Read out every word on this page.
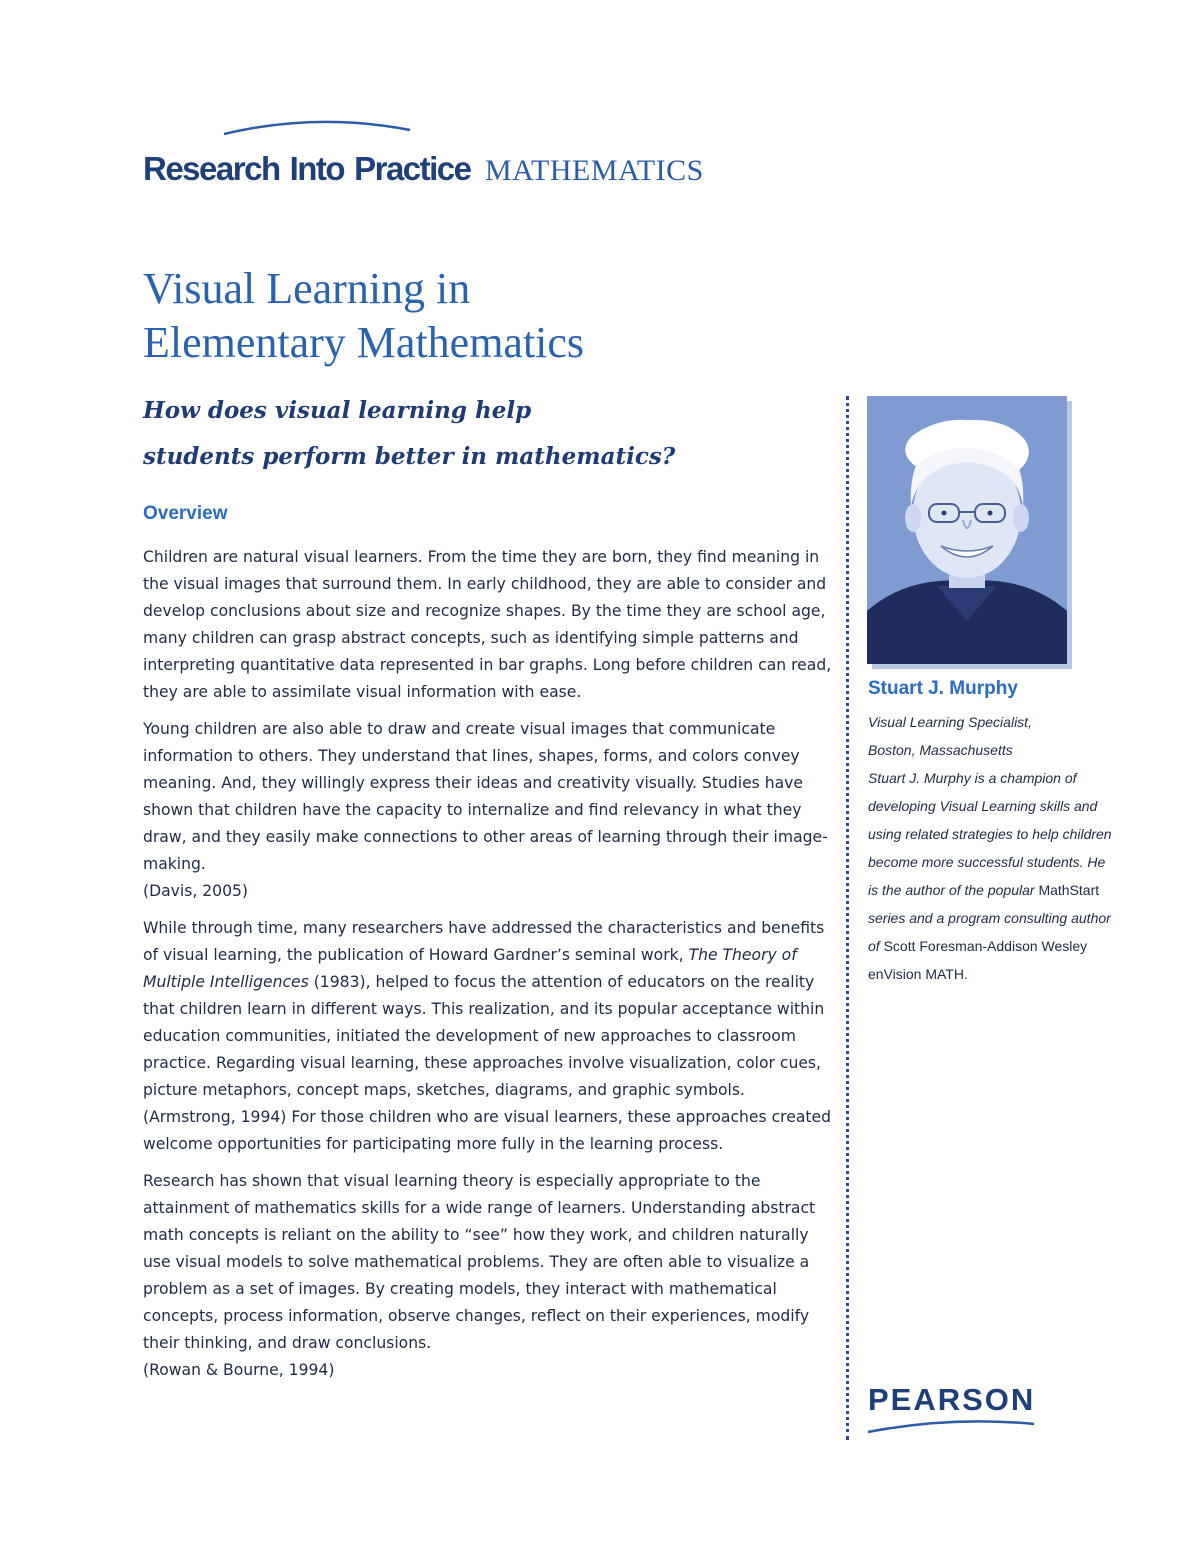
Research Into Practice MATHEMATICS
Visual Learning in
Elementary Mathematics
How does visual learning help
students perform better in mathematics?
Overview

Children are natural visual learners. From the time they are born, they find meaning in the visual images that surround them. In early childhood, they are able to consider and develop conclusions about size and recognize shapes. By the time they are school age, many children can grasp abstract concepts, such as identifying simple patterns and interpreting quantitative data represented in bar graphs. Long before children can read, they are able to assimilate visual information with ease.

Young children are also able to draw and create visual images that communicate information to others. They understand that lines, shapes, forms, and colors convey meaning. And, they willingly express their ideas and creativity visually. Studies have shown that children have the capacity to internalize and find relevancy in what they draw, and they easily make connections to other areas of learning through their image-making.
(Davis, 2005)

While through time, many researchers have addressed the characteristics and benefits of visual learning, the publication of Howard Gardner’s seminal work, The Theory of Multiple Intelligences (1983), helped to focus the attention of educators on the reality that children learn in different ways. This realization, and its popular acceptance within education communities, initiated the development of new approaches to classroom practice. Regarding visual learning, these approaches involve visualization, color cues, picture metaphors, concept maps, sketches, diagrams, and graphic symbols. (Armstrong, 1994) For those children who are visual learners, these approaches created welcome opportunities for participating more fully in the learning process.

Research has shown that visual learning theory is especially appropriate to the attainment of mathematics skills for a wide range of learners. Understanding abstract math concepts is reliant on the ability to “see” how they work, and children naturally use visual models to solve mathematical problems. They are often able to visualize a problem as a set of images. By creating models, they interact with mathematical concepts, process information, observe changes, reflect on their experiences, modify their thinking, and draw conclusions.
(Rowan & Bourne, 1994)

Stuart J. Murphy
Visual Learning Specialist,
Boston, Massachusetts
Stuart J. Murphy is a champion of developing Visual Learning skills and using related strategies to help children become more successful students. He is the author of the popular MathStart series and a program consulting author of Scott Foresman-Addison Wesley enVision MATH.
PEARSON
